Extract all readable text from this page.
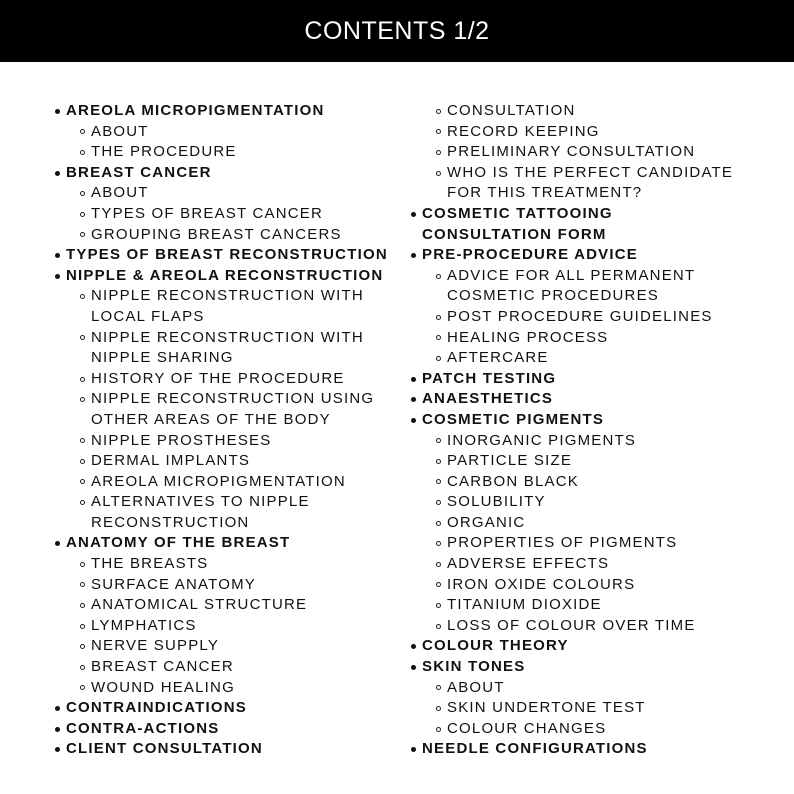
CONTENTS 1/2
AREOLA MICROPIGMENTATION
ABOUT
THE PROCEDURE
BREAST CANCER
ABOUT
TYPES OF BREAST CANCER
GROUPING BREAST CANCERS
TYPES OF BREAST RECONSTRUCTION
NIPPLE & AREOLA RECONSTRUCTION
NIPPLE RECONSTRUCTION WITH
LOCAL FLAPS
NIPPLE RECONSTRUCTION WITH
NIPPLE SHARING
HISTORY OF THE PROCEDURE
NIPPLE RECONSTRUCTION USING
OTHER AREAS OF THE BODY
NIPPLE PROSTHESES
DERMAL IMPLANTS
AREOLA MICROPIGMENTATION
ALTERNATIVES TO NIPPLE
RECONSTRUCTION
ANATOMY OF THE BREAST
THE BREASTS
SURFACE ANATOMY
ANATOMICAL STRUCTURE
LYMPHATICS
NERVE SUPPLY
BREAST CANCER
WOUND HEALING
CONTRAINDICATIONS
CONTRA-ACTIONS
CLIENT CONSULTATION
CONSULTATION
RECORD KEEPING
PRELIMINARY CONSULTATION
WHO IS THE PERFECT CANDIDATE
FOR THIS TREATMENT?
COSMETIC TATTOOING
CONSULTATION FORM
PRE-PROCEDURE ADVICE
ADVICE FOR ALL PERMANENT
COSMETIC PROCEDURES
POST PROCEDURE GUIDELINES
HEALING PROCESS
AFTERCARE
PATCH TESTING
ANAESTHETICS
COSMETIC PIGMENTS
INORGANIC PIGMENTS
PARTICLE SIZE
CARBON BLACK
SOLUBILITY
ORGANIC
PROPERTIES OF PIGMENTS
ADVERSE EFFECTS
IRON OXIDE COLOURS
TITANIUM DIOXIDE
LOSS OF COLOUR OVER TIME
COLOUR THEORY
SKIN TONES
ABOUT
SKIN UNDERTONE TEST
COLOUR CHANGES
NEEDLE CONFIGURATIONS
